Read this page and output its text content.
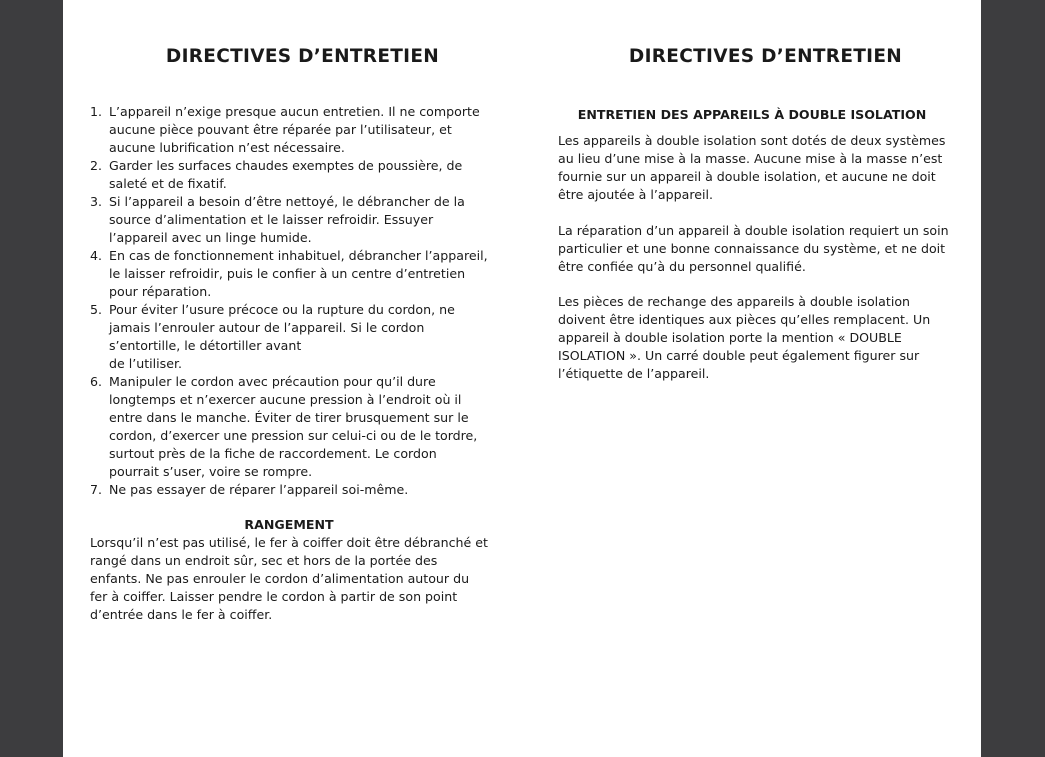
DIRECTIVES D’ENTRETIEN
1. L’appareil n’exige presque aucun entretien. Il ne comporte aucune pièce pouvant être réparée par l’utilisateur, et aucune lubrification n’est nécessaire.
2. Garder les surfaces chaudes exemptes de poussière, de saleté et de fixatif.
3. Si l’appareil a besoin d’être nettoyé, le débrancher de la source d’alimentation et le laisser refroidir. Essuyer l’appareil avec un linge humide.
4. En cas de fonctionnement inhabituel, débrancher l’appareil, le laisser refroidir, puis le confier à un centre d’entretien pour réparation.
5. Pour éviter l’usure précoce ou la rupture du cordon, ne jamais l’enrouler autour de l’appareil. Si le cordon s’entortille, le détortiller avant
de l’utiliser.
6. Manipuler le cordon avec précaution pour qu’il dure longtemps et n’exercer aucune pression à l’endroit où il entre dans le manche. Éviter de tirer brusquement sur le cordon, d’exercer une pression sur celui-ci ou de le tordre, surtout près de la fiche de raccordement. Le cordon pourrait s’user, voire se rompre.
7. Ne pas essayer de réparer l’appareil soi-même.
RANGEMENT

Lorsqu’il n’est pas utilisé, le fer à coiffer doit être débranché et rangé dans un endroit sûr, sec et hors de la portée des enfants. Ne pas enrouler le cordon d’alimentation autour du fer à coiffer. Laisser pendre le cordon à partir de son point d’entrée dans le fer à coiffer.

DIRECTIVES D’ENTRETIEN
ENTRETIEN DES APPAREILS À DOUBLE ISOLATION

Les appareils à double isolation sont dotés de deux systèmes au lieu d’une mise à la masse. Aucune mise à la masse n’est fournie sur un appareil à double isolation, et aucune ne doit être ajoutée à l’appareil.

La réparation d’un appareil à double isolation requiert un soin particulier et une bonne connaissance du système, et ne doit être confiée qu’à du personnel qualifié.

Les pièces de rechange des appareils à double isolation doivent être identiques aux pièces qu’elles remplacent. Un appareil à double isolation porte la mention « DOUBLE ISOLATION ». Un carré double peut également figurer sur l’étiquette de l’appareil.
